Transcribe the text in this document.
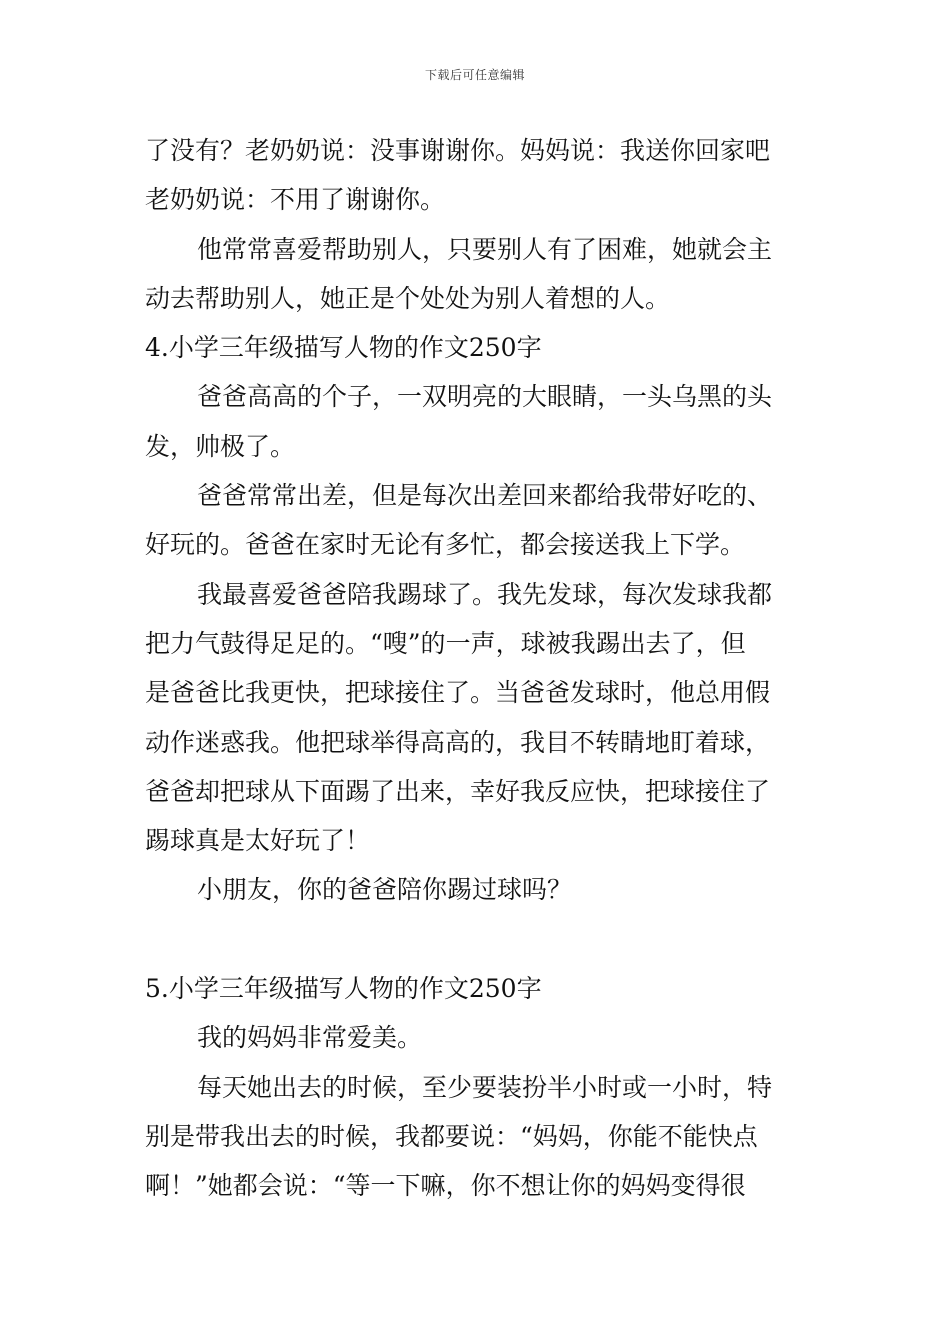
下载后可任意编辑
了没有？老奶奶说：没事谢谢你。妈妈说：我送你回家吧
老奶奶说：不用了谢谢你。
他常常喜爱帮助别人，只要别人有了困难，她就会主
动去帮助别人，她正是个处处为别人着想的人。
4.小学三年级描写人物的作文250字
爸爸高高的个子，一双明亮的大眼睛，一头乌黑的头
发，帅极了。
爸爸常常出差，但是每次出差回来都给我带好吃的、
好玩的。爸爸在家时无论有多忙，都会接送我上下学。
我最喜爱爸爸陪我踢球了。我先发球，每次发球我都
把力气鼓得足足的。“嗖”的一声，球被我踢出去了，但
是爸爸比我更快，把球接住了。当爸爸发球时，他总用假
动作迷惑我。他把球举得高高的，我目不转睛地盯着球，
爸爸却把球从下面踢了出来，幸好我反应快，把球接住了
踢球真是太好玩了！
小朋友，你的爸爸陪你踢过球吗？
5.小学三年级描写人物的作文250字
我的妈妈非常爱美。
每天她出去的时候，至少要装扮半小时或一小时，特
别是带我出去的时候，我都要说：“妈妈，你能不能快点
啊！”她都会说：“等一下嘛，你不想让你的妈妈变得很
